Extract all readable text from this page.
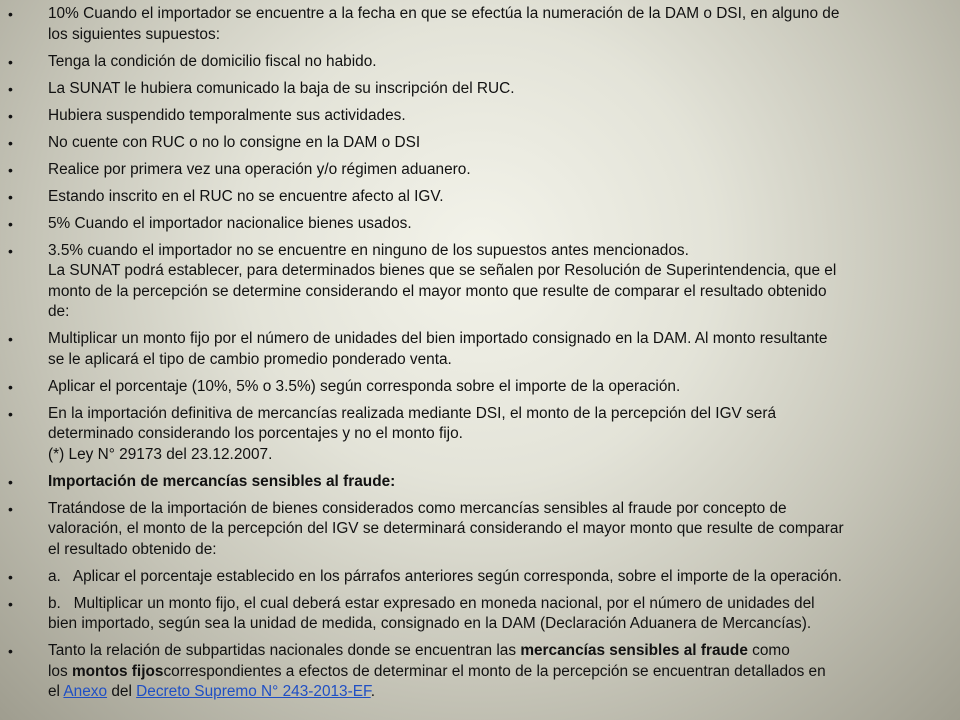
• 10% Cuando el importador se encuentre a la fecha en que se efectúa la numeración de la DAM o DSI, en alguno de
los siguientes supuestos:
• Tenga la condición de domicilio fiscal no habido.
• La SUNAT le hubiera comunicado la baja de su inscripción del RUC.
• Hubiera suspendido temporalmente sus actividades.
• No cuente con RUC o no lo consigne en la DAM o DSI
• Realice por primera vez una operación y/o régimen aduanero.
• Estando inscrito en el RUC no se encuentre afecto al IGV.
• 5% Cuando el importador nacionalice bienes usados.
• 3.5% cuando el importador no se encuentre en ninguno de los supuestos antes mencionados.
La SUNAT podrá establecer, para determinados bienes que se señalen por Resolución de Superintendencia, que el
monto de la percepción se determine considerando el mayor monto que resulte de comparar el resultado obtenido
de:
• Multiplicar un monto fijo por el número de unidades del bien importado consignado en la DAM. Al monto resultante
se le aplicará el tipo de cambio promedio ponderado venta.
• Aplicar el porcentaje (10%, 5% o 3.5%) según corresponda sobre el importe de la operación.
• En la importación definitiva de mercancías realizada mediante DSI, el monto de la percepción del IGV será
determinado considerando los porcentajes y no el monto fijo.
(*) Ley N° 29173 del 23.12.2007.
• Importación de mercancías sensibles al fraude:
• Tratándose de la importación de bienes considerados como mercancías sensibles al fraude por concepto de
valoración, el monto de la percepción del IGV se determinará considerando el mayor monto que resulte de comparar
el resultado obtenido de:
• a.   Aplicar el porcentaje establecido en los párrafos anteriores según corresponda, sobre el importe de la operación.
• b.   Multiplicar un monto fijo, el cual deberá estar expresado en moneda nacional, por el número de unidades del
bien importado, según sea la unidad de medida, consignado en la DAM (Declaración Aduanera de Mercancías).
• Tanto la relación de subpartidas nacionales donde se encuentran las mercancías sensibles al fraude como
los montos fijoscorrespondientes a efectos de determinar el monto de la percepción se encuentran detallados en
el Anexo del Decreto Supremo N° 243-2013-EF.
